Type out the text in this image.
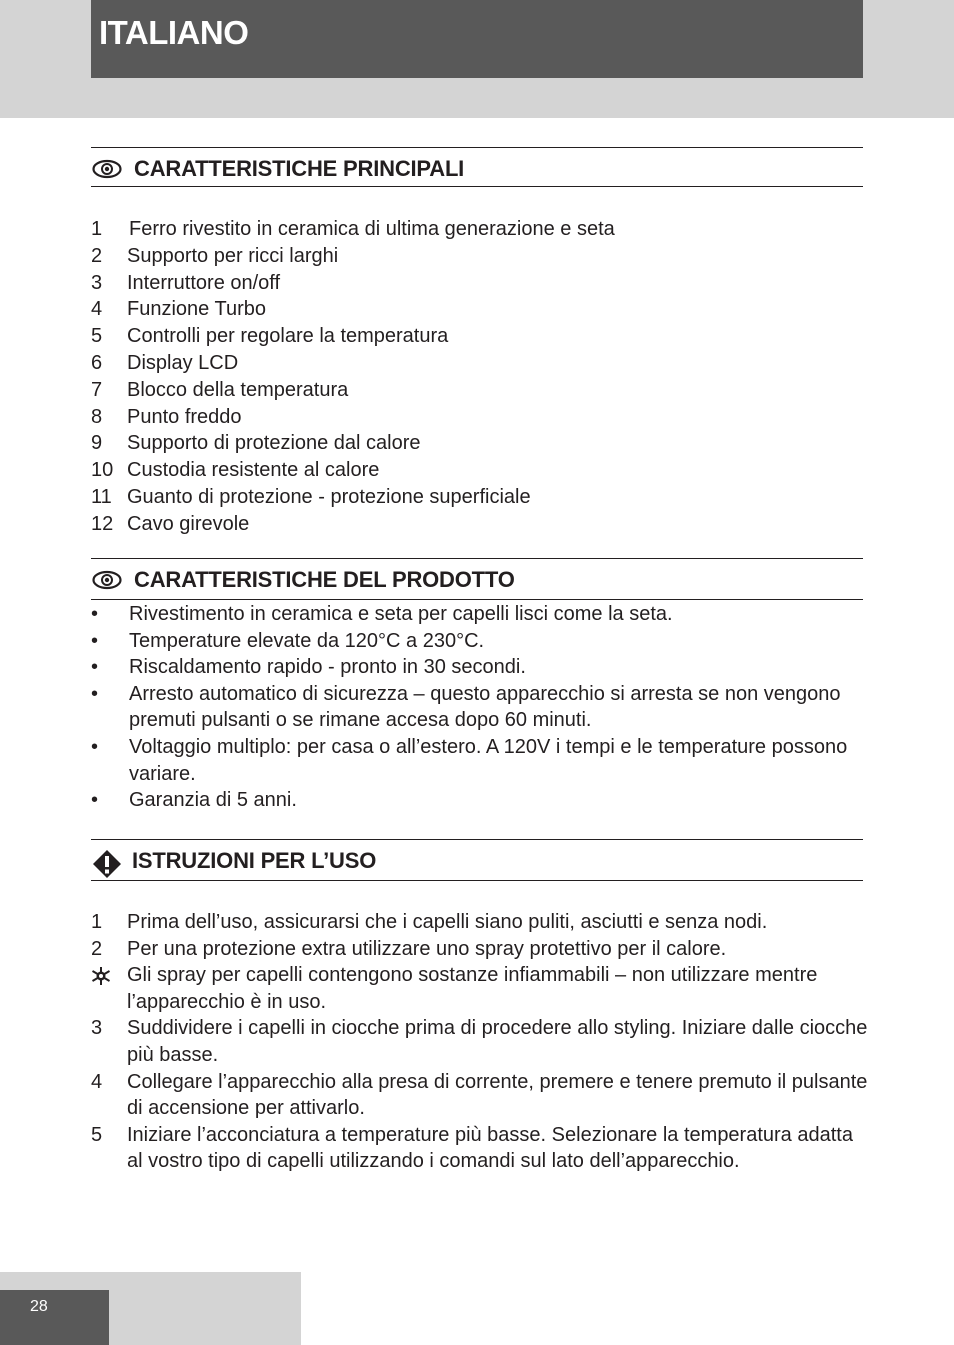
ITALIANO
CARATTERISTICHE PRINCIPALI
1 Ferro rivestito in ceramica di ultima generazione e seta
2 Supporto per ricci larghi
3 Interruttore on/off
4 Funzione Turbo
5 Controlli per regolare la temperatura
6 Display LCD
7 Blocco della temperatura
8 Punto freddo
9 Supporto di protezione dal calore
10 Custodia resistente al calore
11 Guanto di protezione - protezione superficiale
12 Cavo girevole
CARATTERISTICHE DEL PRODOTTO
• Rivestimento in ceramica e seta per capelli lisci come la seta.
• Temperature elevate da 120°C a 230°C.
• Riscaldamento rapido - pronto in 30 secondi.
• Arresto automatico di sicurezza – questo apparecchio si arresta se non vengono premuti pulsanti o se rimane accesa dopo 60 minuti.
• Voltaggio multiplo: per casa o all’estero. A 120V i tempi e le temperature possono variare.
• Garanzia di 5 anni.
ISTRUZIONI PER L’USO
1 Prima dell’uso, assicurarsi che i capelli siano puliti, asciutti e senza nodi.
2 Per una protezione extra utilizzare uno spray protettivo per il calore.
Gli spray per capelli contengono sostanze infiammabili – non utilizzare mentre l’apparecchio è in uso.
3 Suddividere i capelli in ciocche prima di procedere allo styling. Iniziare dalle ciocche più basse.
4 Collegare l’apparecchio alla presa di corrente, premere e tenere premuto il pulsante di accensione per attivarlo.
5 Iniziare l’acconciatura a temperature più basse. Selezionare la temperatura adatta al vostro tipo di capelli utilizzando i comandi sul lato dell’apparecchio.
28
